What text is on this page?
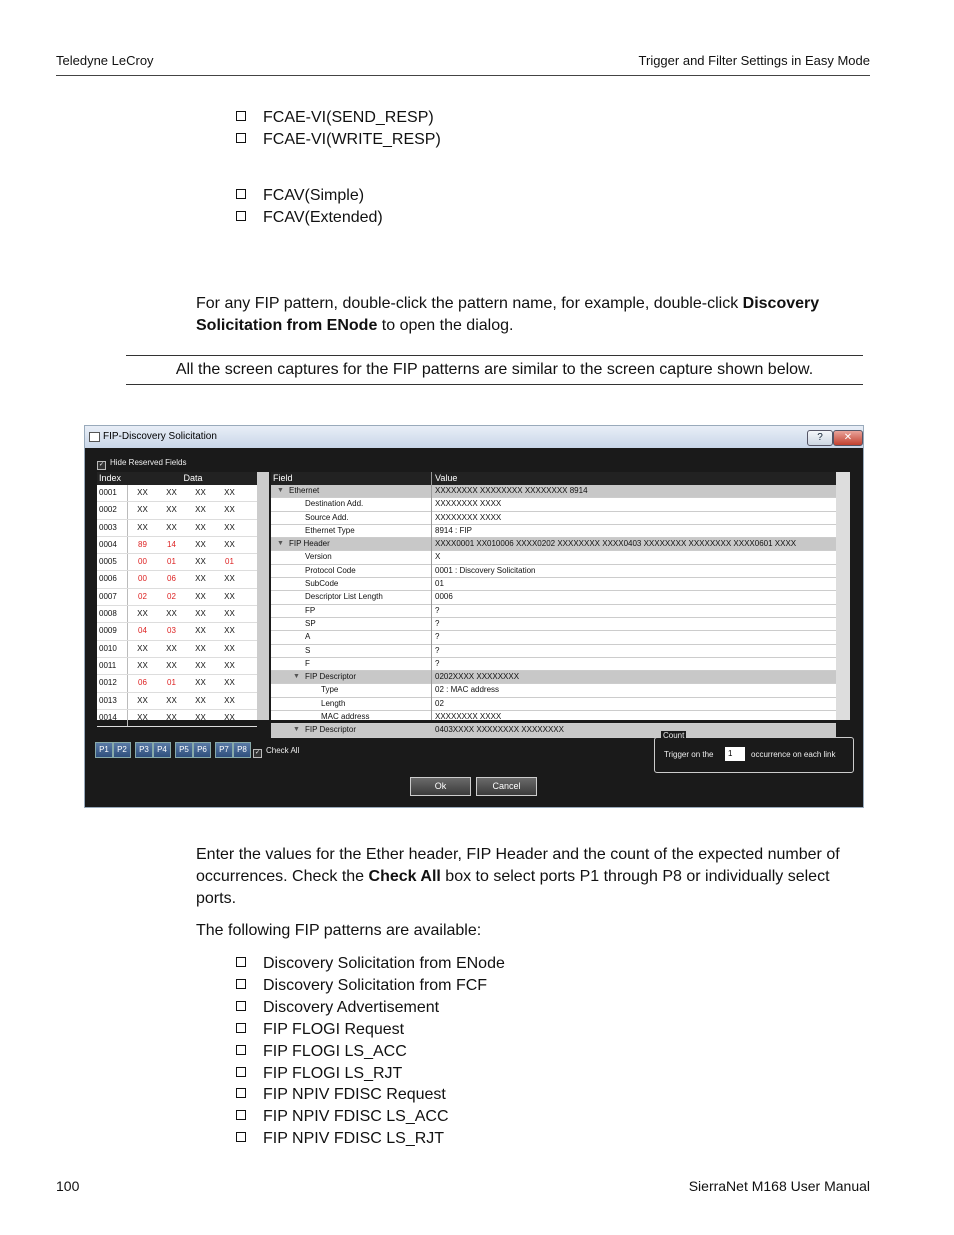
Teledyne LeCroy	Trigger and Filter Settings in Easy Mode
FCAE-VI(SEND_RESP)
FCAE-VI(WRITE_RESP)
FCAV(Simple)
FCAV(Extended)
For any FIP pattern, double-click the pattern name, for example, double-click Discovery Solicitation from ENode to open the dialog.
All the screen captures for the FIP patterns are similar to the screen capture shown below.
FIP-Discovery Solicitation	?	✕
✓ Hide Reserved Fields
Index	Data
0001	XX	XX	XX	XX
0002	XX	XX	XX	XX
0003	XX	XX	XX	XX
0004	89	14	XX	XX
0005	00	01	XX	01
0006	00	06	XX	XX
0007	02	02	XX	XX
0008	XX	XX	XX	XX
0009	04	03	XX	XX
0010	XX	XX	XX	XX
0011	XX	XX	XX	XX
0012	06	01	XX	XX
0013	XX	XX	XX	XX
0014	XX	XX	XX	XX
Field	Value
▼ Ethernet	XXXXXXXX XXXXXXXX XXXXXXXX 8914
Destination Add.	XXXXXXXX XXXX
Source Add.	XXXXXXXX XXXX
Ethernet Type	8914 : FIP
▼ FIP Header	XXXX0001 XX010006 XXXX0202 XXXXXXXX XXXX0403 XXXXXXXX XXXXXXXX XXXX0601 XXXX
Version	X
Protocol Code	0001 : Discovery Solicitation
SubCode	01
Descriptor List Length	0006
FP	?
SP	?
A	?
S	?
F	?
▼ FIP Descriptor	0202XXXX XXXXXXXX
Type	02 : MAC address
Length	02
MAC address	XXXXXXXX XXXX
▼ FIP Descriptor	0403XXXX XXXXXXXX XXXXXXXX
P1	P2	P3	P4	P5	P6	P7	P8	✓ Check All
Count
Trigger on the	1	occurrence on each link
Ok	Cancel
Enter the values for the Ether header, FIP Header and the count of the expected number of occurrences. Check the Check All box to select ports P1 through P8 or individually select ports.
The following FIP patterns are available:
Discovery Solicitation from ENode
Discovery Solicitation from FCF
Discovery Advertisement
FIP FLOGI Request
FIP FLOGI LS_ACC
FIP FLOGI LS_RJT
FIP NPIV FDISC Request
FIP NPIV FDISC LS_ACC
FIP NPIV FDISC LS_RJT
100	SierraNet M168 User Manual
